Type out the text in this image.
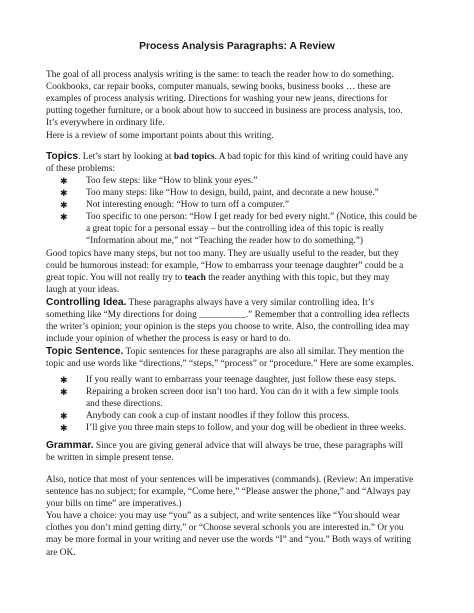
Process Analysis Paragraphs: A Review
The goal of all process analysis writing is the same: to teach the reader how to do something.
Cookbooks, car repair books, computer manuals, sewing books, business books … these are
examples of process analysis writing. Directions for washing your new jeans, directions for
putting together furniture, or a book about how to succeed in business are process analysis, too.
It’s everywhere in ordinary life.
Here is a review of some important points about this writing.
Topics. Let’s start by looking at bad topics. A bad topic for this kind of writing could have any
of these problems:
✱ Too few steps: like “How to blink your eyes.”
✱ Too many steps: like “How to design, build, paint, and decorate a new house.”
✱ Not interesting enough: “How to turn off a computer.”
✱ Too specific to one person: “How I get ready for bed every night.” (Notice, this could be
a great topic for a personal essay – but the controlling idea of this topic is really
“Information about me,” not “Teaching the reader how to do something.”)
Good topics have many steps, but not too many. They are usually useful to the reader, but they
could be humorous instead: for example, “How to embarrass your teenage daughter” could be a
great topic. You will not really try to teach the reader anything with this topic, but they may
laugh at your ideas.
Controlling Idea. These paragraphs always have a very similar controlling idea. It’s
something like “My directions for doing __________.” Remember that a controlling idea reflects
the writer’s opinion; your opinion is the steps you choose to write. Also, the controlling idea may
include your opinion of whether the process is easy or hard to do.
Topic Sentence. Topic sentences for these paragraphs are also all similar. They mention the
topic and use words like “directions,” “steps,” “process” or “procedure.” Here are some examples.
✱ If you really want to embarrass your teenage daughter, just follow these easy steps.
✱ Repairing a broken screen door isn’t too hard. You can do it with a few simple tools
and these directions.
✱ Anybody can cook a cup of instant noodles if they follow this process.
✱ I’ll give you three main steps to follow, and your dog will be obedient in three weeks.
Grammar. Since you are giving general advice that will always be true, these paragraphs will
be written in simple present tense.
Also, notice that most of your sentences will be imperatives (commands). (Review: An imperative
sentence has no subject; for example, “Come here,” “Please answer the phone,” and “Always pay
your bills on time” are imperatives.)
You have a choice: you may use “you” as a subject, and write sentences like “You should wear
clothes you don’t mind getting dirty,” or “Choose several schools you are interested in.” Or you
may be more formal in your writing and never use the words “I” and “you.” Both ways of writing
are OK.
